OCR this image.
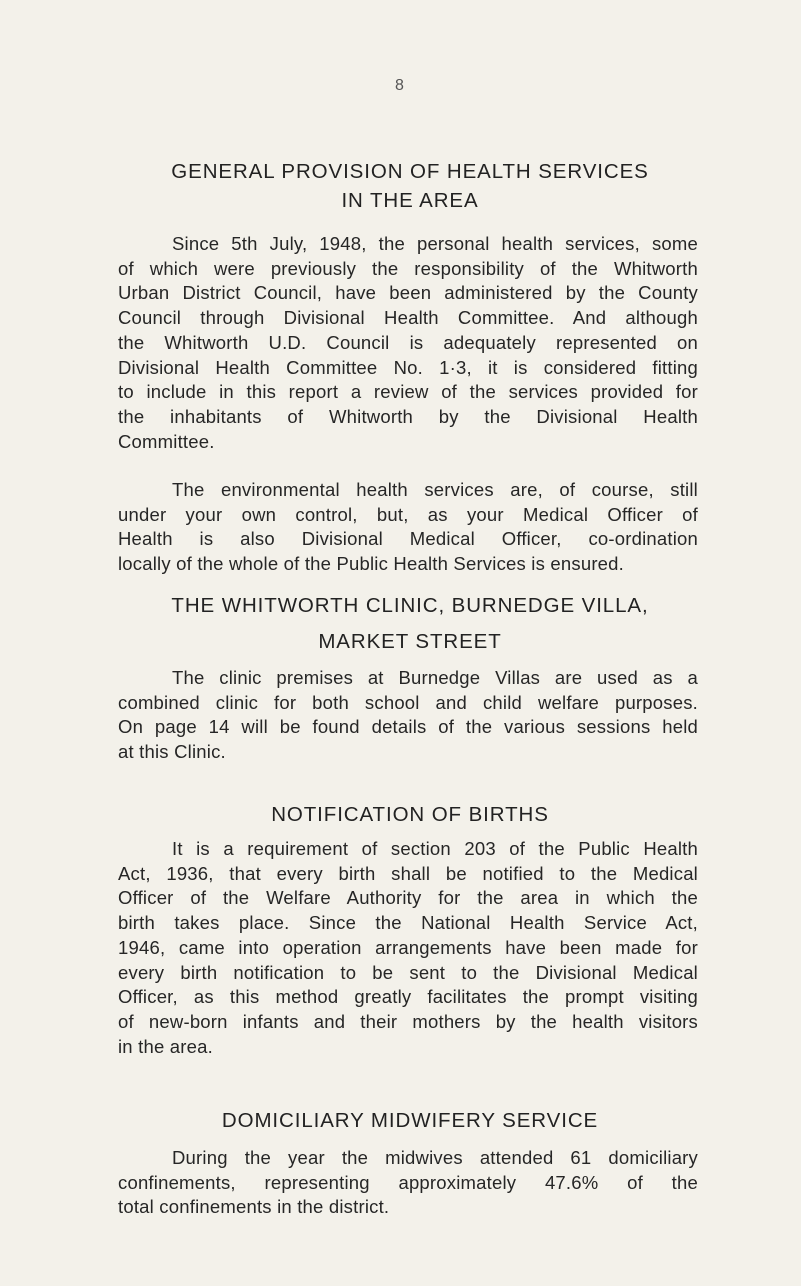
8
GENERAL PROVISION OF HEALTH SERVICES
IN THE AREA

Since 5th July, 1948, the personal health services, some
of which were previously the responsibility of the Whitworth
Urban District Council, have been administered by the County
Council through Divisional Health Committee. And although
the Whitworth U.D. Council is adequately represented on
Divisional Health Committee No. 1·3, it is considered fitting
to include in this report a review of the services provided for
the inhabitants of Whitworth by the Divisional Health
Committee.

The environmental health services are, of course, still
under your own control, but, as your Medical Officer of
Health is also Divisional Medical Officer, co-ordination
locally of the whole of the Public Health Services is ensured.

THE WHITWORTH CLINIC, BURNEDGE VILLA,
MARKET STREET

The clinic premises at Burnedge Villas are used as a
combined clinic for both school and child welfare purposes.
On page 14 will be found details of the various sessions held
at this Clinic.

NOTIFICATION OF BIRTHS

It is a requirement of section 203 of the Public Health
Act, 1936, that every birth shall be notified to the Medical
Officer of the Welfare Authority for the area in which the
birth takes place. Since the National Health Service Act,
1946, came into operation arrangements have been made for
every birth notification to be sent to the Divisional Medical
Officer, as this method greatly facilitates the prompt visiting
of new-born infants and their mothers by the health visitors
in the area.

DOMICILIARY MIDWIFERY SERVICE

During the year the midwives attended 61 domiciliary
confinements, representing approximately 47.6% of the
total confinements in the district.
